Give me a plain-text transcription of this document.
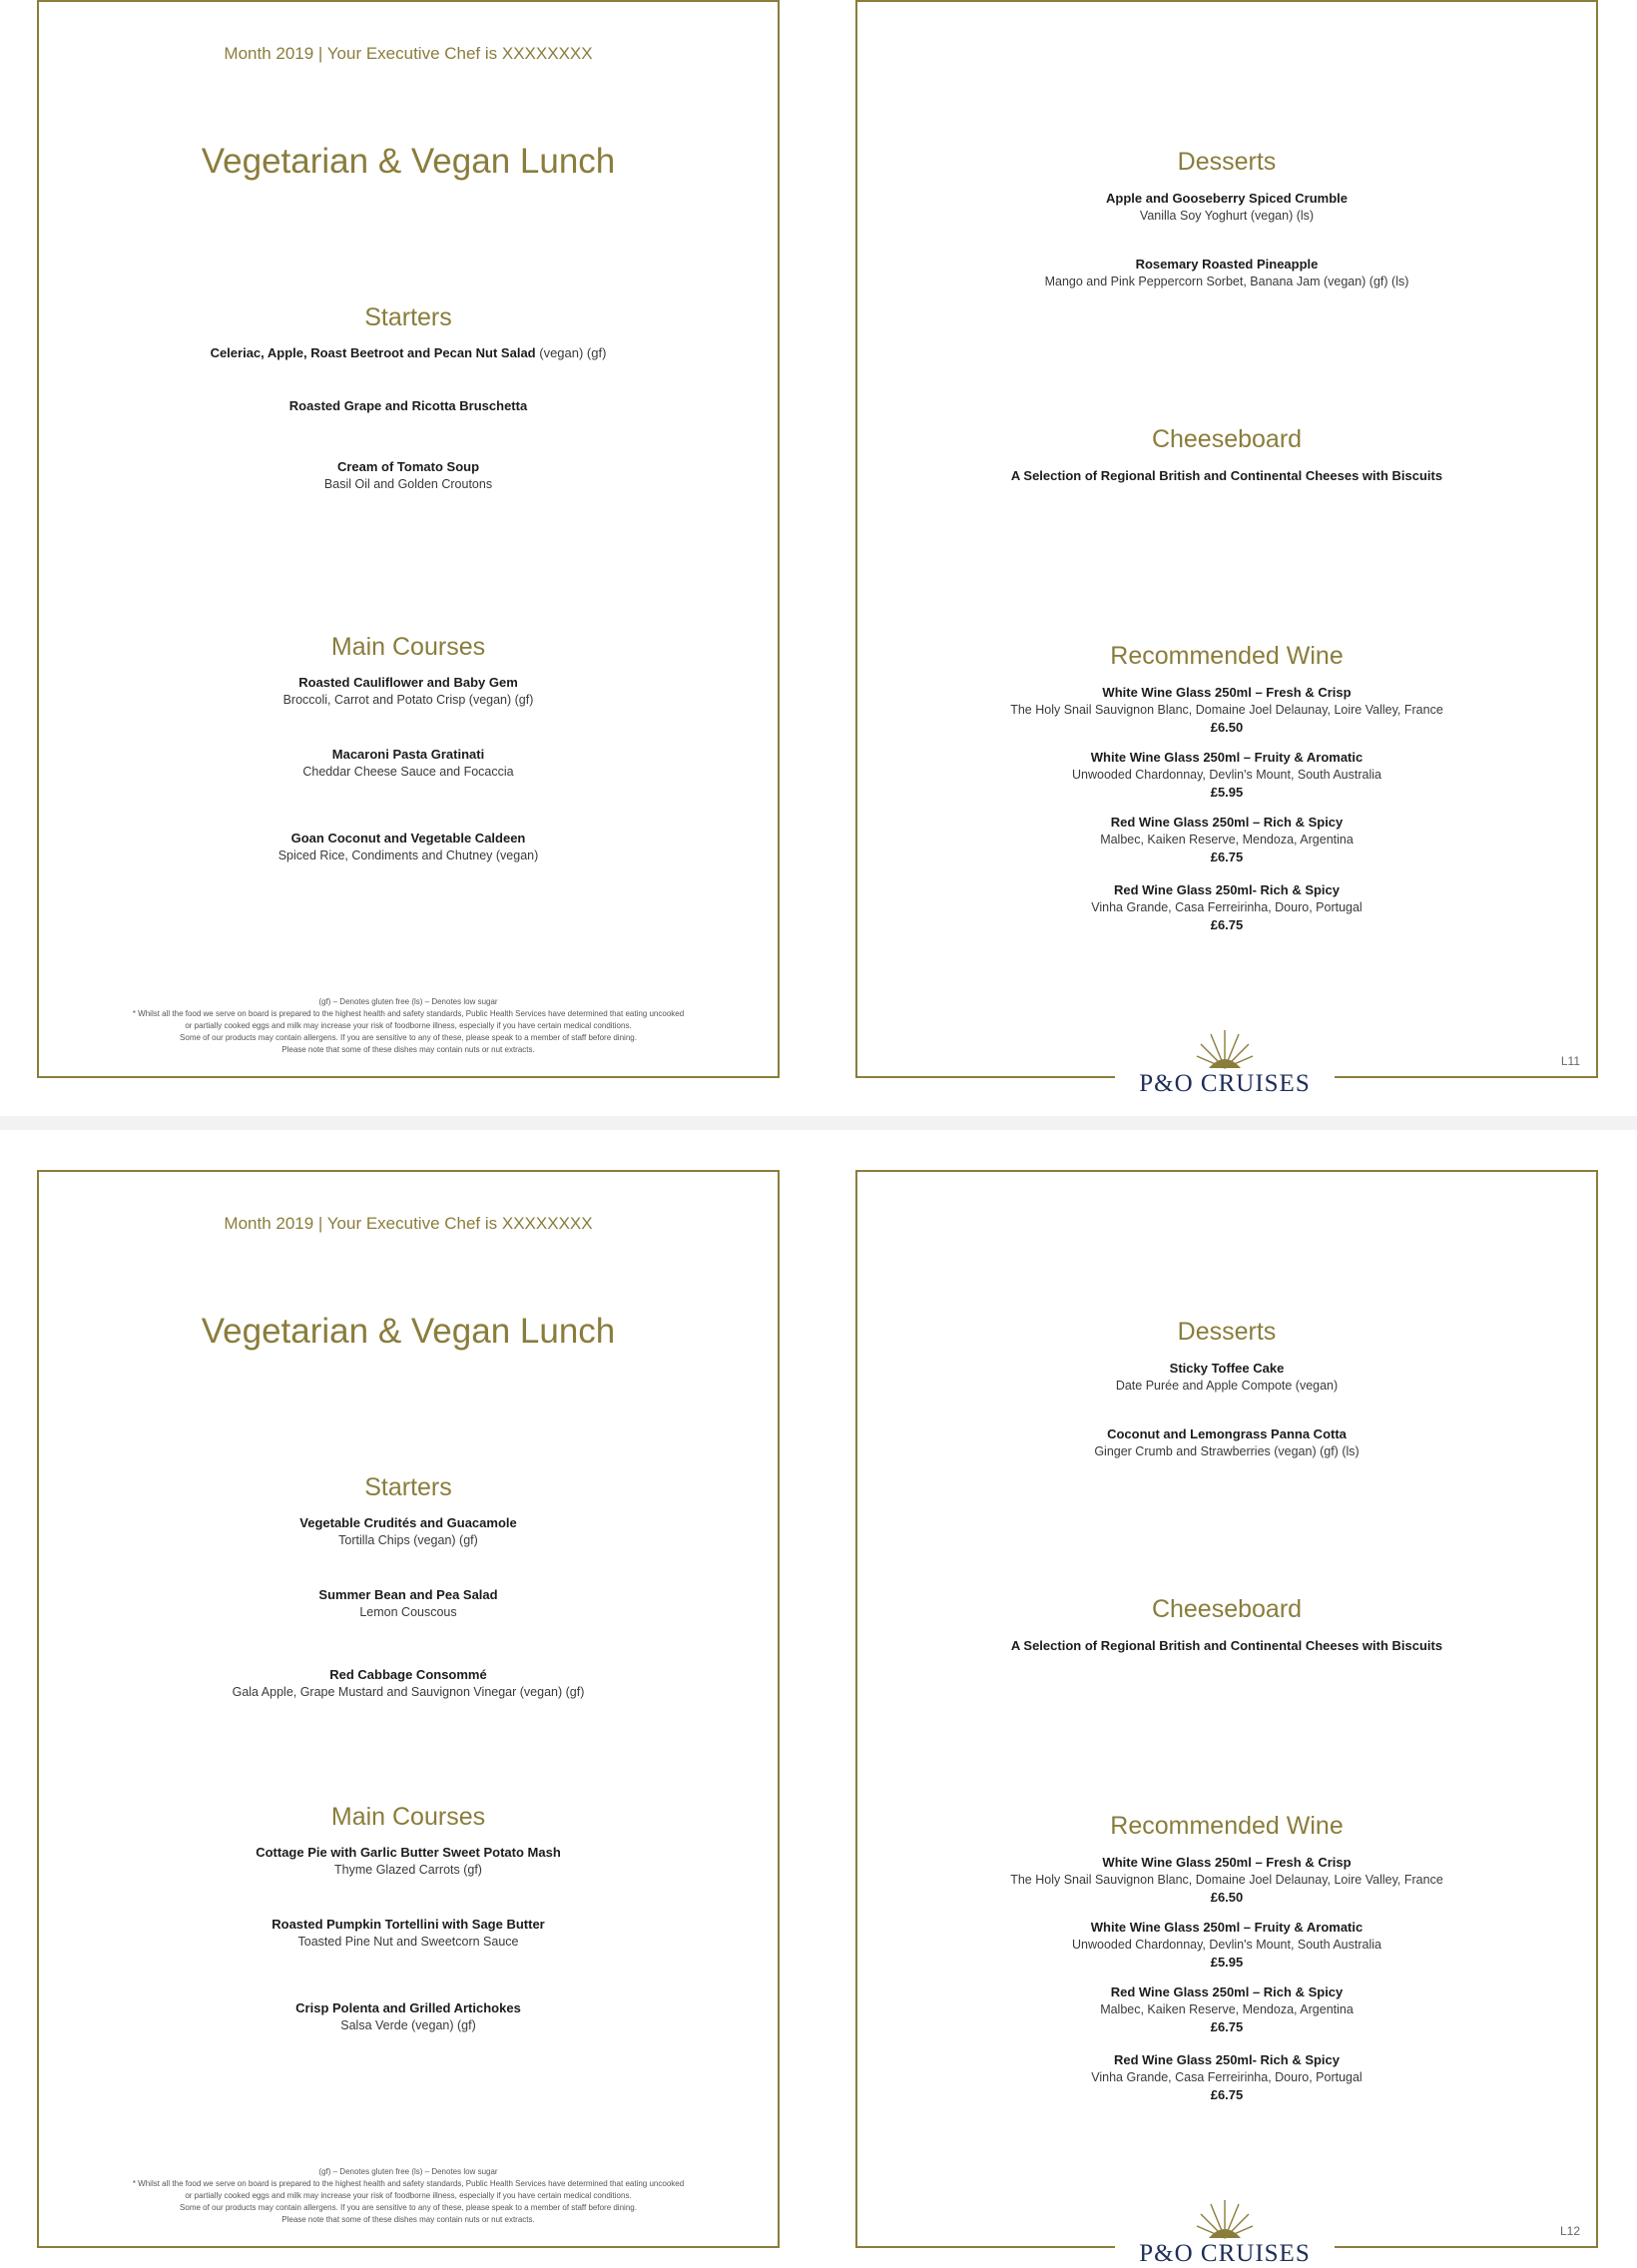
Month 2019 | Your Executive Chef is XXXXXXXX
Vegetarian & Vegan Lunch
Starters
Celeriac, Apple, Roast Beetroot and Pecan Nut Salad (vegan) (gf)
Roasted Grape and Ricotta Bruschetta
Cream of Tomato Soup
Basil Oil and Golden Croutons
Main Courses
Roasted Cauliflower and Baby Gem
Broccoli, Carrot and Potato Crisp (vegan) (gf)
Macaroni Pasta Gratinati
Cheddar Cheese Sauce and Focaccia
Goan Coconut and Vegetable Caldeen
Spiced Rice, Condiments and Chutney (vegan)
(gf) – Denotes gluten free (ls) – Denotes low sugar
* Whilst all the food we serve on board is prepared to the highest health and safety standards, Public Health Services have determined that eating uncooked
or partially cooked eggs and milk may increase your risk of foodborne illness, especially if you have certain medical conditions.
Some of our products may contain allergens. If you are sensitive to any of these, please speak to a member of staff before dining.
Please note that some of these dishes may contain nuts or nut extracts.
Desserts
Apple and Gooseberry Spiced Crumble
Vanilla Soy Yoghurt (vegan) (ls)
Rosemary Roasted Pineapple
Mango and Pink Peppercorn Sorbet, Banana Jam (vegan) (gf) (ls)
Cheeseboard
A Selection of Regional British and Continental Cheeses with Biscuits
Recommended Wine
White Wine Glass 250ml – Fresh & Crisp
The Holy Snail Sauvignon Blanc, Domaine Joel Delaunay, Loire Valley, France
£6.50
White Wine Glass 250ml – Fruity & Aromatic
Unwooded Chardonnay, Devlin's Mount, South Australia
£5.95
Red Wine Glass 250ml – Rich & Spicy
Malbec, Kaiken Reserve, Mendoza, Argentina
£6.75
Red Wine Glass 250ml- Rich & Spicy
Vinha Grande, Casa Ferreirinha, Douro, Portugal
£6.75
L11
P&O CRUISES
Month 2019 | Your Executive Chef is XXXXXXXX
Vegetarian & Vegan Lunch
Starters
Vegetable Crudités and Guacamole
Tortilla Chips (vegan) (gf)
Summer Bean and Pea Salad
Lemon Couscous
Red Cabbage Consommé
Gala Apple, Grape Mustard and Sauvignon Vinegar (vegan) (gf)
Main Courses
Cottage Pie with Garlic Butter Sweet Potato Mash
Thyme Glazed Carrots (gf)
Roasted Pumpkin Tortellini with Sage Butter
Toasted Pine Nut and Sweetcorn Sauce
Crisp Polenta and Grilled Artichokes
Salsa Verde (vegan) (gf)
(gf) – Denotes gluten free (ls) – Denotes low sugar
* Whilst all the food we serve on board is prepared to the highest health and safety standards, Public Health Services have determined that eating uncooked
or partially cooked eggs and milk may increase your risk of foodborne illness, especially if you have certain medical conditions.
Some of our products may contain allergens. If you are sensitive to any of these, please speak to a member of staff before dining.
Please note that some of these dishes may contain nuts or nut extracts.
Desserts
Sticky Toffee Cake
Date Purée and Apple Compote (vegan)
Coconut and Lemongrass Panna Cotta
Ginger Crumb and Strawberries (vegan) (gf) (ls)
Cheeseboard
A Selection of Regional British and Continental Cheeses with Biscuits
Recommended Wine
White Wine Glass 250ml – Fresh & Crisp
The Holy Snail Sauvignon Blanc, Domaine Joel Delaunay, Loire Valley, France
£6.50
White Wine Glass 250ml – Fruity & Aromatic
Unwooded Chardonnay, Devlin's Mount, South Australia
£5.95
Red Wine Glass 250ml – Rich & Spicy
Malbec, Kaiken Reserve, Mendoza, Argentina
£6.75
Red Wine Glass 250ml- Rich & Spicy
Vinha Grande, Casa Ferreirinha, Douro, Portugal
£6.75
L12
P&O CRUISES
